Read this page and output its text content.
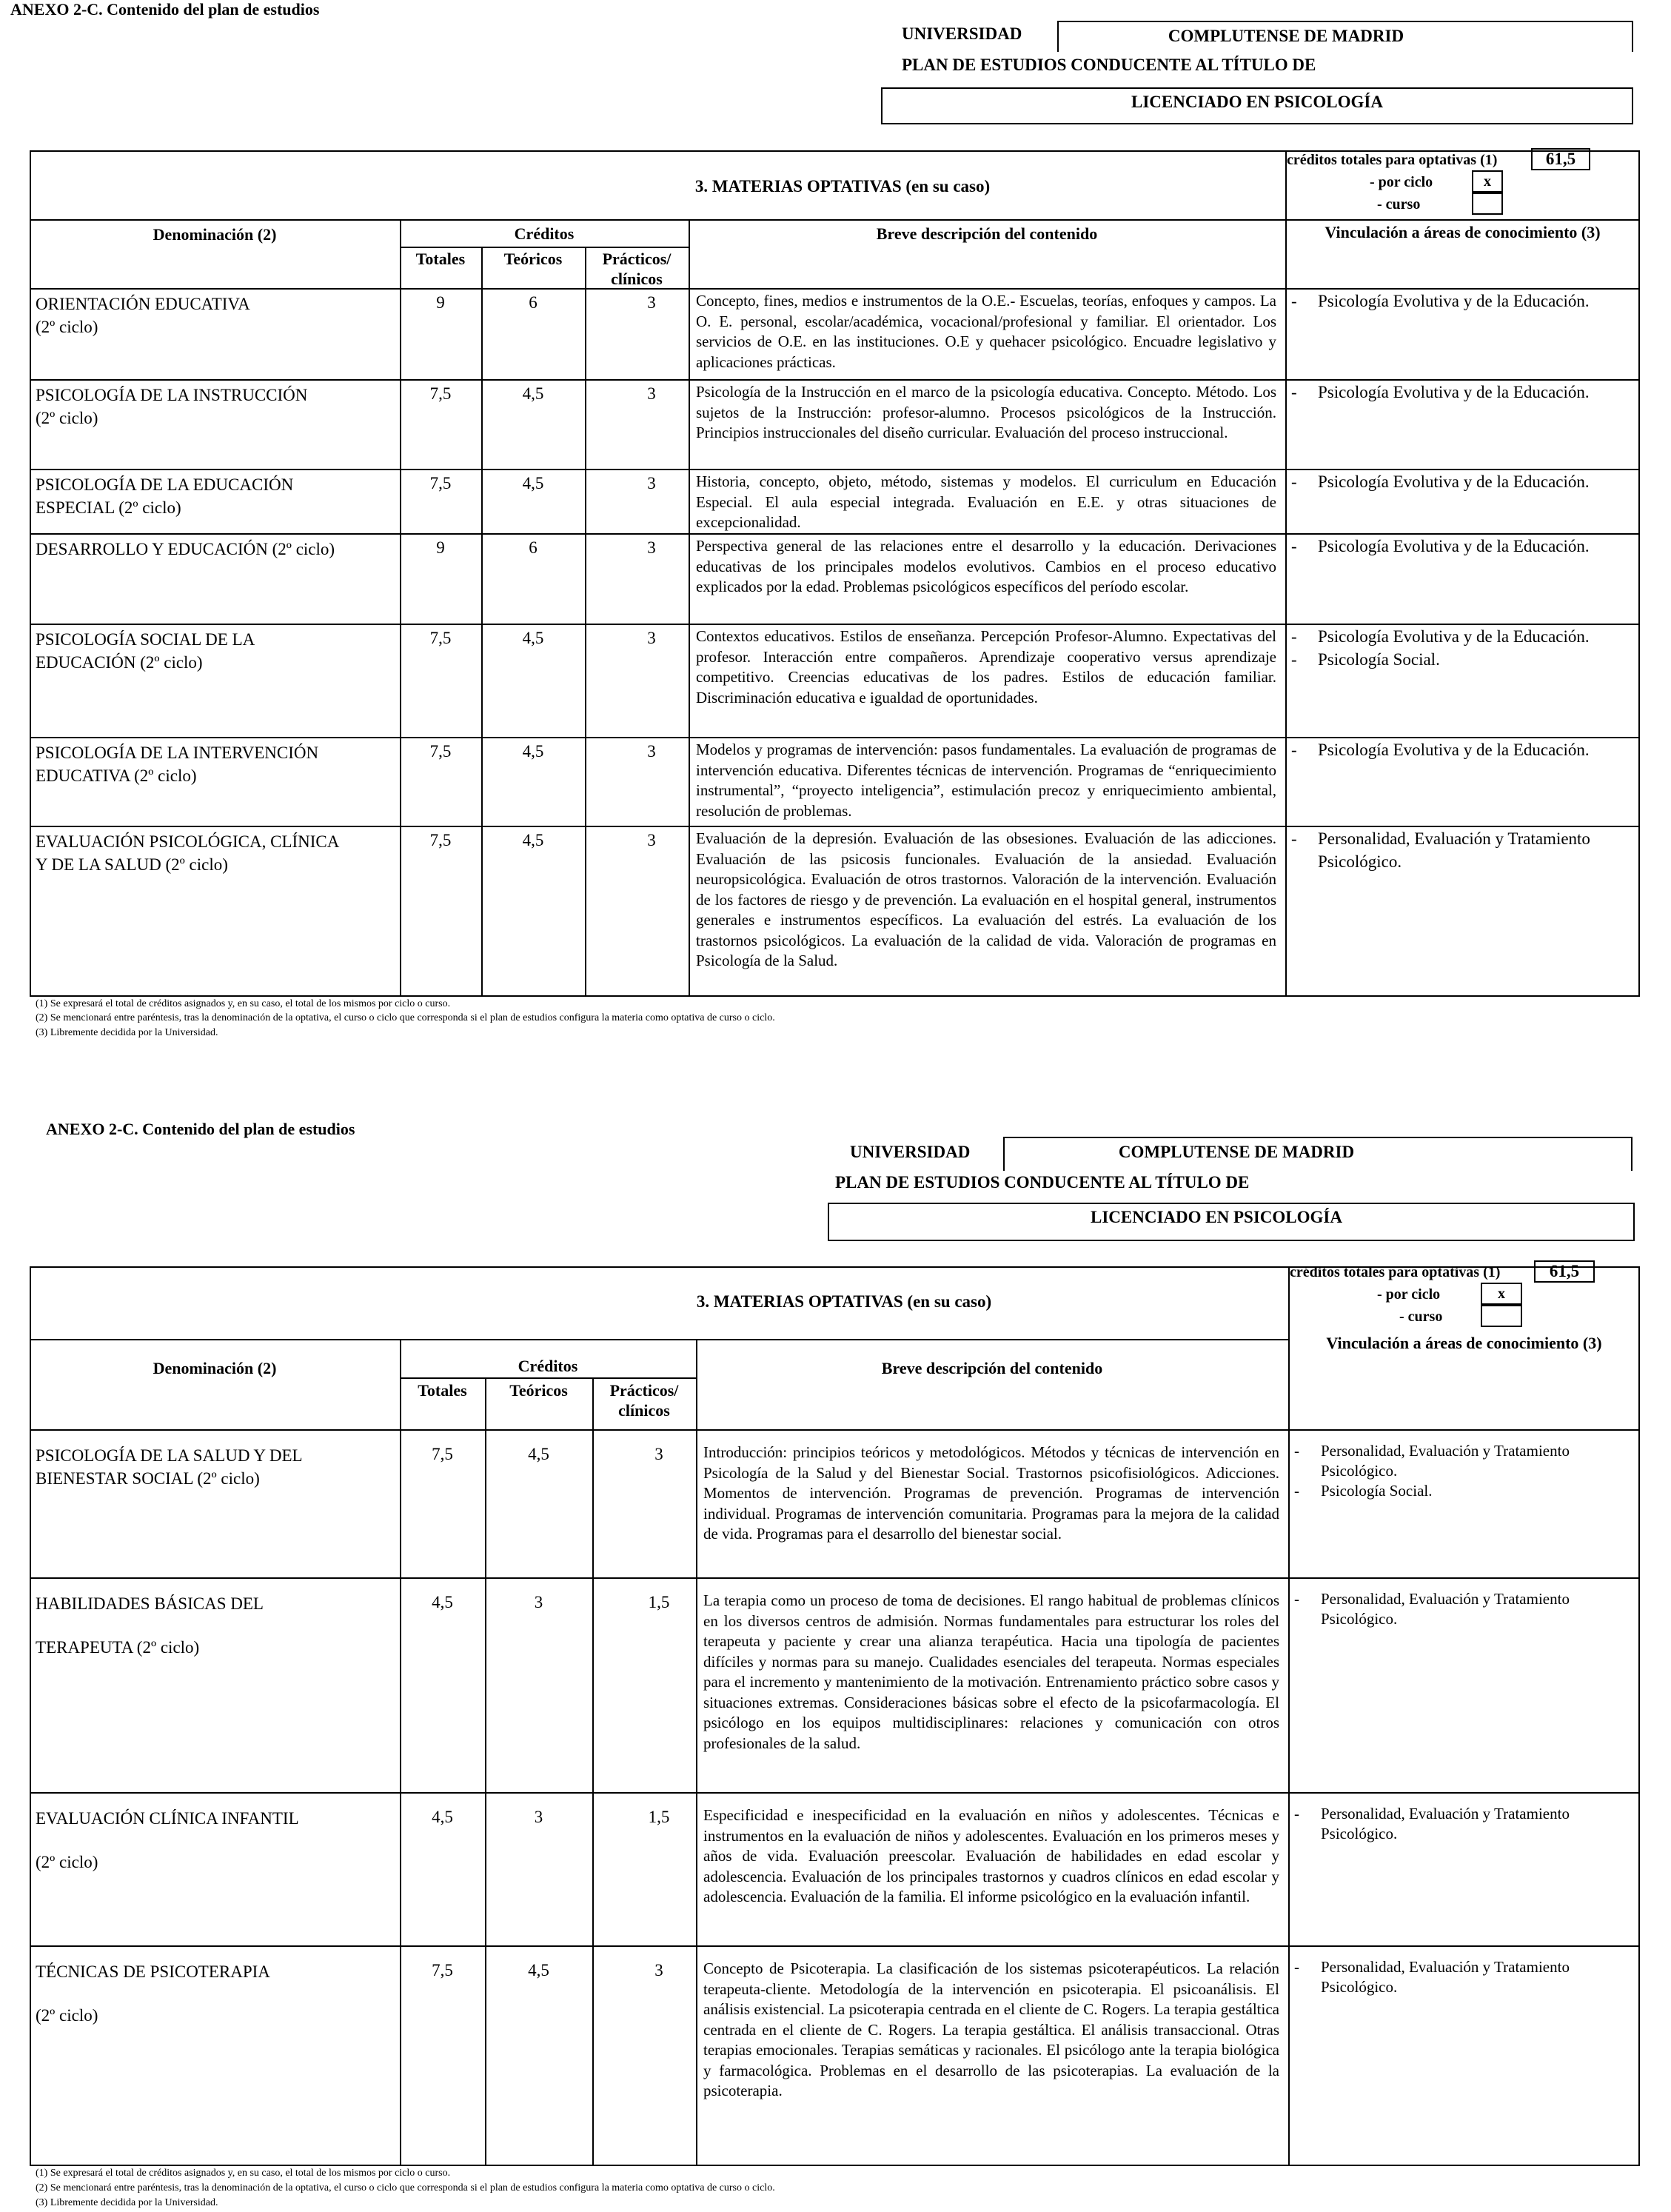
ANEXO 2-C. Contenido del plan de estudios
UNIVERSIDAD	COMPLUTENSE DE MADRID
PLAN DE ESTUDIOS CONDUCENTE AL TÍTULO DE
LICENCIADO EN PSICOLOGÍA
3. MATERIAS OPTATIVAS (en su caso)
créditos totales para optativas (1)	61,5
- por ciclo	x
- curso
Denominación (2)	Créditos
Totales	Teóricos	Prácticos/
clínicos
Breve descripción del contenido	Vinculación a áreas de conocimiento (3)
ORIENTACIÓN EDUCATIVA
(2º ciclo)
9	6	3	Concepto, fines, medios e instrumentos de la O.E.- Escuelas, teorías, enfoques y campos. La O. E. personal, escolar/académica, vocacional/profesional y familiar. El orientador. Los servicios de O.E. en las instituciones. O.E y quehacer psicológico. Encuadre legislativo y aplicaciones prácticas.
-	Psicología Evolutiva y de la Educación.
PSICOLOGÍA DE LA INSTRUCCIÓN
(2º ciclo)
7,5	4,5	3	Psicología de la Instrucción en el marco de la psicología educativa. Concepto. Método. Los sujetos de la Instrucción: profesor-alumno. Procesos psicológicos de la Instrucción. Principios instruccionales del diseño curricular. Evaluación del proceso instruccional.
-	Psicología Evolutiva y de la Educación.
PSICOLOGÍA DE LA EDUCACIÓN
ESPECIAL (2º ciclo)
7,5	4,5	3	Historia, concepto, objeto, método, sistemas y modelos. El curriculum en Educación Especial. El aula especial integrada. Evaluación en E.E. y otras situaciones de excepcionalidad.
-	Psicología Evolutiva y de la Educación.
DESARROLLO Y EDUCACIÓN (2º ciclo)	9	6	3	Perspectiva general de las relaciones entre el desarrollo y la educación. Derivaciones educativas de los principales modelos evolutivos. Cambios en el proceso educativo explicados por la edad. Problemas psicológicos específicos del período escolar.
-	Psicología Evolutiva y de la Educación.
PSICOLOGÍA SOCIAL DE LA
EDUCACIÓN (2º ciclo)
7,5	4,5	3	Contextos educativos. Estilos de enseñanza. Percepción Profesor-Alumno. Expectativas del profesor. Interacción entre compañeros. Aprendizaje cooperativo versus aprendizaje competitivo. Creencias educativas de los padres. Estilos de educación familiar. Discriminación educativa e igualdad de oportunidades.
-	Psicología Evolutiva y de la Educación.
-	Psicología Social.
PSICOLOGÍA DE LA INTERVENCIÓN
EDUCATIVA (2º ciclo)
7,5	4,5	3	Modelos y programas de intervención: pasos fundamentales. La evaluación de programas de intervención educativa. Diferentes técnicas de intervención. Programas de “enriquecimiento instrumental”, “proyecto inteligencia”, estimulación precoz y enriquecimiento ambiental, resolución de problemas.
-	Psicología Evolutiva y de la Educación.
EVALUACIÓN PSICOLÓGICA, CLÍNICA
Y DE LA SALUD (2º ciclo)
7,5	4,5	3	Evaluación de la depresión. Evaluación de las obsesiones. Evaluación de las adicciones. Evaluación de las psicosis funcionales. Evaluación de la ansiedad. Evaluación neuropsicológica. Evaluación de otros trastornos. Valoración de la intervención. Evaluación de los factores de riesgo y de prevención. La evaluación en el hospital general, instrumentos generales e instrumentos específicos. La evaluación del estrés. La evaluación de los trastornos psicológicos. La evaluación de la calidad de vida. Valoración de programas en Psicología de la Salud.
-	Personalidad, Evaluación y Tratamiento Psicológico.
(1) Se expresará el total de créditos asignados y, en su caso, el total de los mismos por ciclo o curso.
(2) Se mencionará entre paréntesis, tras la denominación de la optativa, el curso o ciclo que corresponda si el plan de estudios configura la materia como optativa de curso o ciclo.
(3) Libremente decidida por la Universidad.
ANEXO 2-C. Contenido del plan de estudios
UNIVERSIDAD	COMPLUTENSE DE MADRID
PLAN DE ESTUDIOS CONDUCENTE AL TÍTULO DE
LICENCIADO EN PSICOLOGÍA
3. MATERIAS OPTATIVAS (en su caso)
créditos totales para optativas (1)	61,5
- por ciclo	x
- curso
Denominación (2)	Créditos
Totales	Teóricos	Prácticos/
clínicos
Breve descripción del contenido
Vinculación a áreas de conocimiento (3)
PSICOLOGÍA DE LA SALUD Y DEL
BIENESTAR SOCIAL (2º ciclo)
7,5	4,5	3	Introducción: principios teóricos y metodológicos. Métodos y técnicas de intervención en Psicología de la Salud y del Bienestar Social. Trastornos psicofisiológicos. Adicciones. Momentos de intervención. Programas de prevención. Programas de intervención individual. Programas de intervención comunitaria. Programas para la mejora de la calidad de vida. Programas para el desarrollo del bienestar social.
-	Personalidad, Evaluación y Tratamiento Psicológico.
-	Psicología Social.
HABILIDADES BÁSICAS DEL

TERAPEUTA (2º ciclo)
4,5	3	1,5	La terapia como un proceso de toma de decisiones. El rango habitual de problemas clínicos en los diversos centros de admisión. Normas fundamentales para estructurar los roles del terapeuta y paciente y crear una alianza terapéutica. Hacia una tipología de pacientes difíciles y normas para su manejo. Cualidades esenciales del terapeuta. Normas especiales para el incremento y mantenimiento de la motivación. Entrenamiento práctico sobre casos y situaciones extremas. Consideraciones básicas sobre el efecto de la psicofarmacología. El psicólogo en los equipos multidisciplinares: relaciones y comunicación con otros profesionales de la salud.
-	Personalidad, Evaluación y Tratamiento Psicológico.
EVALUACIÓN CLÍNICA INFANTIL

(2º ciclo)
4,5	3	1,5	Especificidad e inespecificidad en la evaluación en niños y adolescentes. Técnicas e instrumentos en la evaluación de niños y adolescentes. Evaluación en los primeros meses y años de vida. Evaluación preescolar. Evaluación de habilidades en edad escolar y adolescencia. Evaluación de los principales trastornos y cuadros clínicos en edad escolar y adolescencia. Evaluación de la familia. El informe psicológico en la evaluación infantil.
-	Personalidad, Evaluación y Tratamiento Psicológico.
TÉCNICAS DE PSICOTERAPIA

(2º ciclo)
7,5	4,5	3	Concepto de Psicoterapia. La clasificación de los sistemas psicoterapéuticos. La relación terapeuta-cliente. Metodología de la intervención en psicoterapia. El psicoanálisis. El análisis existencial. La psicoterapia centrada en el cliente de C. Rogers. La terapia gestáltica centrada en el cliente de C. Rogers. La terapia gestáltica. El análisis transaccional. Otras terapias emocionales. Terapias semáticas y racionales. El psicólogo ante la terapia biológica y farmacológica. Problemas en el desarrollo de las psicoterapias. La evaluación de la psicoterapia.
-	Personalidad, Evaluación y Tratamiento Psicológico.
(1) Se expresará el total de créditos asignados y, en su caso, el total de los mismos por ciclo o curso.
(2) Se mencionará entre paréntesis, tras la denominación de la optativa, el curso o ciclo que corresponda si el plan de estudios configura la materia como optativa de curso o ciclo.
(3) Libremente decidida por la Universidad.
